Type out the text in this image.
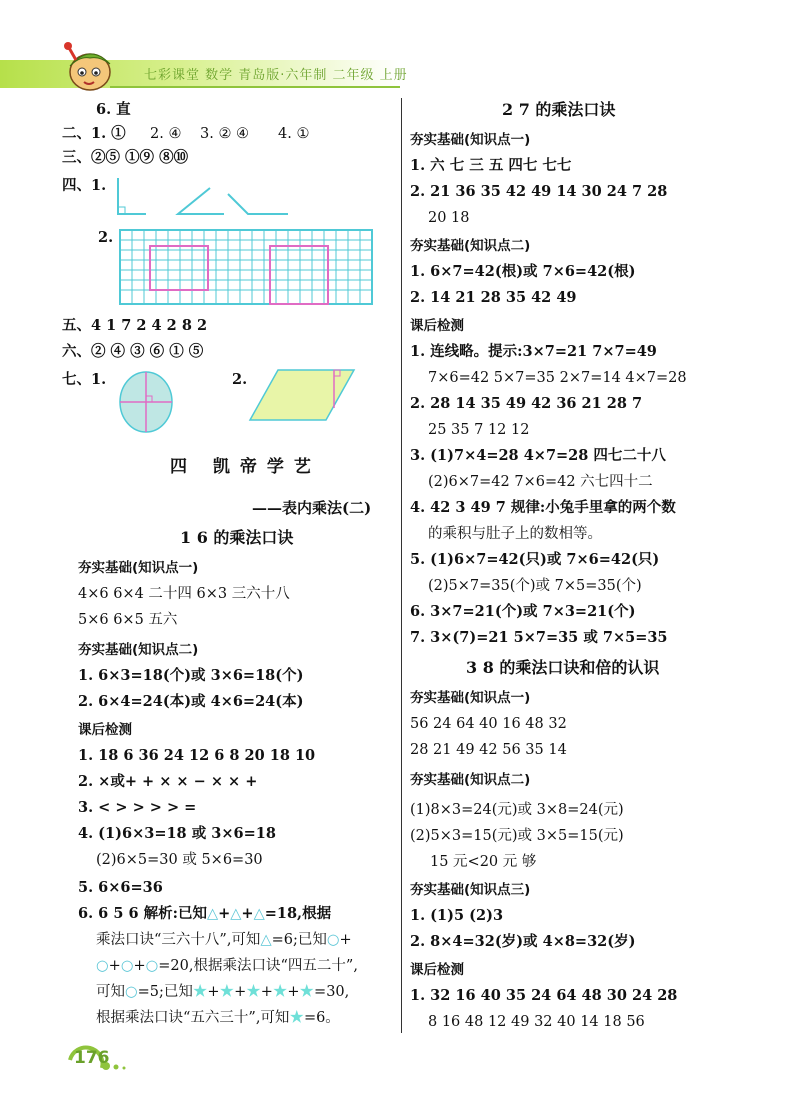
七彩课堂 数学 青岛版·六年制 二年级 上册
6. 直
二、1. ① 2. ④ 3. ② ④ 4. ①
三、②⑤ ①⑨ ⑧⑩
四、1.
2.
五、4 1 7 2 4 2 8 2
六、② ④ ③ ⑥ ① ⑤
七、1.	2.
四 凯帝学艺
——表内乘法(二)
1 6 的乘法口诀
夯实基础(知识点一)
4×6 6×4 二十四 6×3 三六十八
5×6 6×5 五六
夯实基础(知识点二)
1. 6×3=18(个)或 3×6=18(个)
2. 6×4=24(本)或 4×6=24(本)
课后检测
1. 18 6 36 24 12 6 8 20 18 10
2. ×或+ + × × − × × +
3. < > > > > =
4. (1)6×3=18 或 3×6=18
(2)6×5=30 或 5×6=30
5. 6×6=36
6. 6 5 6 解析:已知△+△+△=18,根据
乘法口诀“三六十八”,可知△=6;已知○+
○+○+○=20,根据乘法口诀“四五二十”,
可知○=5;已知★+★+★+★+★=30,
根据乘法口诀“五六三十”,可知★=6。
2 7 的乘法口诀
夯实基础(知识点一)
1. 六 七 三 五 四七 七七
2. 21 36 35 42 49 14 30 24 7 28
20 18
夯实基础(知识点二)
1. 6×7=42(根)或 7×6=42(根)
2. 14 21 28 35 42 49
课后检测
1. 连线略。提示:3×7=21 7×7=49
7×6=42 5×7=35 2×7=14 4×7=28
2. 28 14 35 49 42 36 21 28 7
25 35 7 12 12
3. (1)7×4=28 4×7=28 四七二十八
(2)6×7=42 7×6=42 六七四十二
4. 42 3 49 7 规律:小兔手里拿的两个数
的乘积与肚子上的数相等。
5. (1)6×7=42(只)或 7×6=42(只)
(2)5×7=35(个)或 7×5=35(个)
6. 3×7=21(个)或 7×3=21(个)
7. 3×(7)=21 5×7=35 或 7×5=35
3 8 的乘法口诀和倍的认识
夯实基础(知识点一)
56 24 64 40 16 48 32
28 21 49 42 56 35 14
夯实基础(知识点二)
(1)8×3=24(元)或 3×8=24(元)
(2)5×3=15(元)或 3×5=15(元)
15 元<20 元 够
夯实基础(知识点三)
1. (1)5 (2)3
2. 8×4=32(岁)或 4×8=32(岁)
课后检测
1. 32 16 40 35 24 64 48 30 24 28
8 16 48 12 49 32 40 14 18 56
176
